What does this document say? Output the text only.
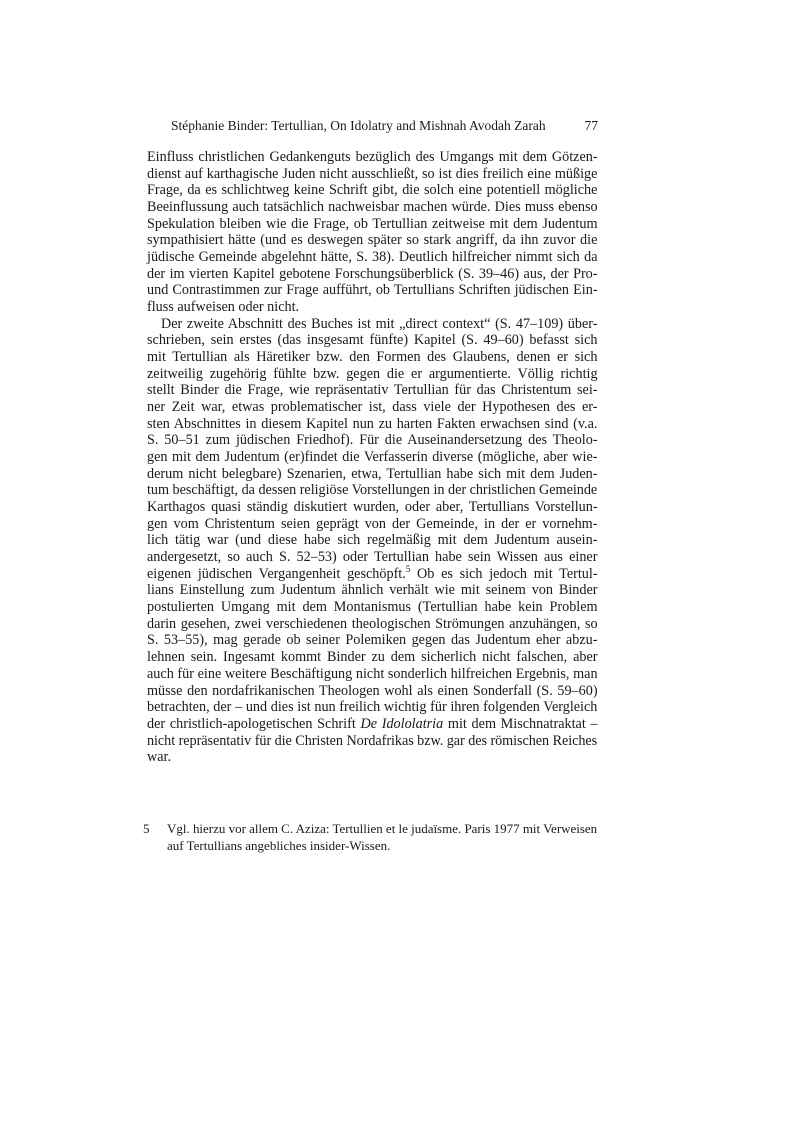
Stéphanie Binder: Tertullian, On Idolatry and Mishnah Avodah Zarah	77
Einfluss christlichen Gedankenguts bezüglich des Umgangs mit dem Götzen-
dienst auf karthagische Juden nicht ausschließt, so ist dies freilich eine müßige
Frage, da es schlichtweg keine Schrift gibt, die solch eine potentiell mögliche
Beeinflussung auch tatsächlich nachweisbar machen würde. Dies muss ebenso
Spekulation bleiben wie die Frage, ob Tertullian zeitweise mit dem Judentum
sympathisiert hätte (und es deswegen später so stark angriff, da ihn zuvor die
jüdische Gemeinde abgelehnt hätte, S. 38). Deutlich hilfreicher nimmt sich da
der im vierten Kapitel gebotene Forschungsüberblick (S. 39–46) aus, der Pro-
und Contrastimmen zur Frage aufführt, ob Tertullians Schriften jüdischen Ein-
fluss aufweisen oder nicht.
Der zweite Abschnitt des Buches ist mit „direct context“ (S. 47–109) über-
schrieben, sein erstes (das insgesamt fünfte) Kapitel (S. 49–60) befasst sich
mit Tertullian als Häretiker bzw. den Formen des Glaubens, denen er sich
zeitweilig zugehörig fühlte bzw. gegen die er argumentierte. Völlig richtig
stellt Binder die Frage, wie repräsentativ Tertullian für das Christentum sei-
ner Zeit war, etwas problematischer ist, dass viele der Hypothesen des er-
sten Abschnittes in diesem Kapitel nun zu harten Fakten erwachsen sind (v.a.
S. 50–51 zum jüdischen Friedhof). Für die Auseinandersetzung des Theolo-
gen mit dem Judentum (er)findet die Verfasserin diverse (mögliche, aber wie-
derum nicht belegbare) Szenarien, etwa, Tertullian habe sich mit dem Juden-
tum beschäftigt, da dessen religiöse Vorstellungen in der christlichen Gemeinde
Karthagos quasi ständig diskutiert wurden, oder aber, Tertullians Vorstellun-
gen vom Christentum seien geprägt von der Gemeinde, in der er vornehm-
lich tätig war (und diese habe sich regelmäßig mit dem Judentum ausein-
andergesetzt, so auch S. 52–53) oder Tertullian habe sein Wissen aus einer
eigenen jüdischen Vergangenheit geschöpft.$^5$ Ob es sich jedoch mit Tertul-
lians Einstellung zum Judentum ähnlich verhält wie mit seinem von Binder
postulierten Umgang mit dem Montanismus (Tertullian habe kein Problem
darin gesehen, zwei verschiedenen theologischen Strömungen anzuhängen, so
S. 53–55), mag gerade ob seiner Polemiken gegen das Judentum eher abzu-
lehnen sein. Ingesamt kommt Binder zu dem sicherlich nicht falschen, aber
auch für eine weitere Beschäftigung nicht sonderlich hilfreichen Ergebnis, man
müsse den nordafrikanischen Theologen wohl als einen Sonderfall (S. 59–60)
betrachten, der – und dies ist nun freilich wichtig für ihren folgenden Vergleich
der christlich-apologetischen Schrift De Idololatria mit dem Mischnatraktat –
nicht repräsentativ für die Christen Nordafrikas bzw. gar des römischen Reiches
war.
5 Vgl. hierzu vor allem C. Aziza: Tertullien et le judaïsme. Paris 1977 mit Verweisen
auf Tertullians angebliches insider-Wissen.
